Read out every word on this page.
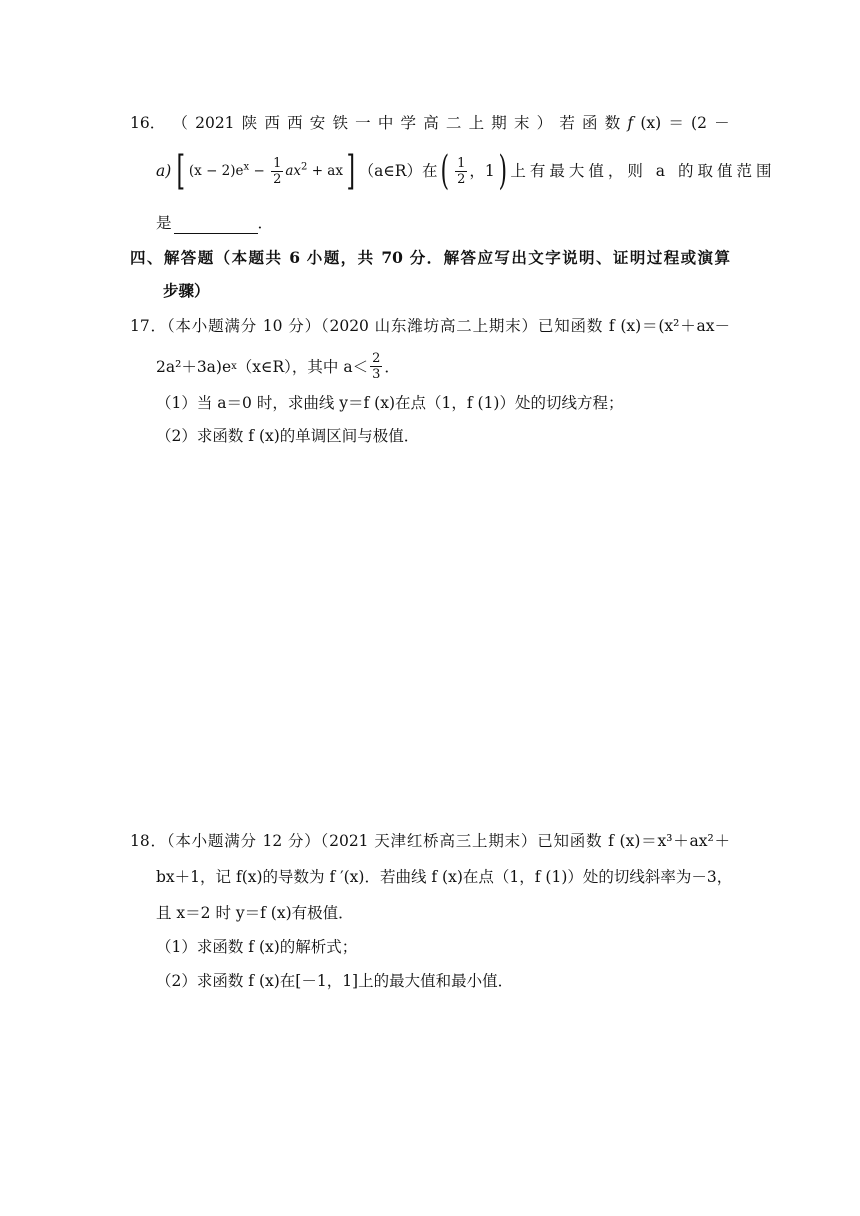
16． （ 2021 陕 西 西 安 铁 一 中 学 高 二 上 期 末 ） 若 函 数 f (x) ＝ (2 －
a) [ $(x - 2)e^x - \frac{1}{2} ax^2$ + ax ] （a∈R） 在 ( $\frac{1}{2}$ ，1 ) 上有最大值，则 a 的取值范围
是	．
四、解答题（本题共 6 小题，共 70 分．解答应写出文字说明、证明过程或演算
步骤）
17．（本小题满分 10 分）（2020 山东潍坊高二上期末）已知函数 f (x)＝(x²＋ax－
2a²＋3a)e x （x∈R），其中 $a< \frac{2}{3}$ ．
（1）当 a＝0 时，求曲线 y＝f (x)在点（1，f (1)）处的切线方程；
（2）求函数 f (x)的单调区间与极值．
18．（本小题满分 12 分）（2021 天津红桥高三上期末）已知函数 f (x)＝x³＋ax²＋
bx＋1，记 f(x)的导数为 f ′(x)．若曲线 f (x)在点（1，f (1)）处的切线斜率为－3，
且 x＝2 时 y＝f (x)有极值．
（1）求函数 f (x)的解析式；
（2）求函数 f (x)在[－1，1]上的最大值和最小值．
